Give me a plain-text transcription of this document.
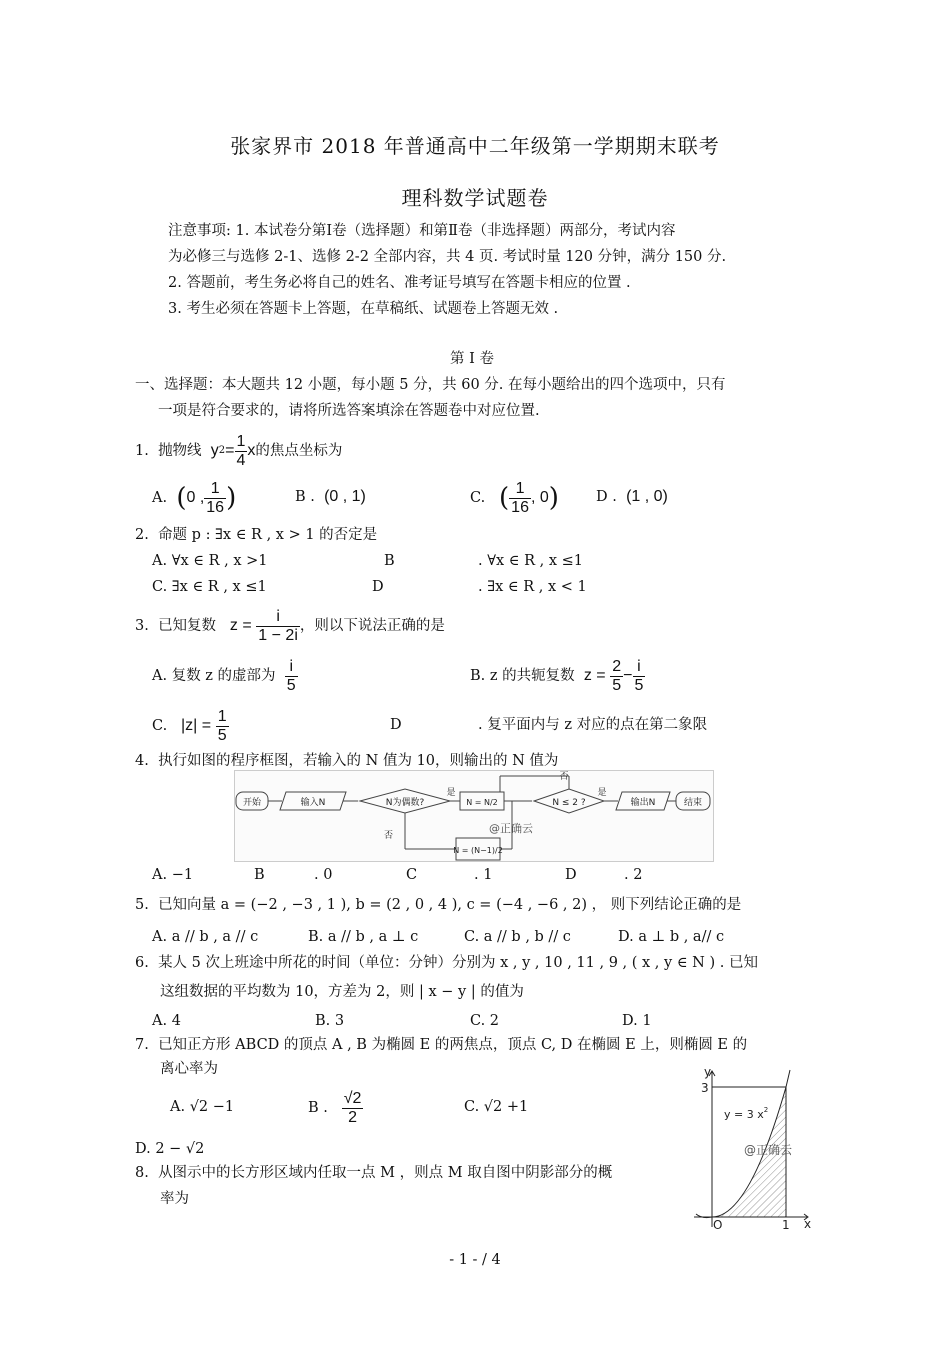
张家界市 2018 年普通高中二年级第一学期期末联考
理科数学试题卷
注意事项: 1. 本试卷分第Ⅰ卷（选择题）和第Ⅱ卷（非选择题）两部分，考试内容
为必修三与选修 2-1、选修 2-2 全部内容，共 4 页. 考试时量 120 分钟，满分 150 分.
2. 答题前，考生务必将自己的姓名、准考证号填写在答题卡相应的位置 .
3. 考生必须在答题卡上答题，在草稿纸、试题卷上答题无效 .
第 Ⅰ 卷
一、选择题：本大题共 12 小题，每小题 5 分，共 60 分. 在每小题给出的四个选项中，只有
一项是符合要求的，请将所选答案填涂在答题卷中对应位置.
1.
抛物线
y $2 = \frac{1}{4}$ x 的焦点坐标为
A.
( 0 , $\frac{1}{16}$ )	B . (0 , 1)	C.
( $\frac{1}{16}$ , 0 )	D . (1 , 0)
2. 命题 p : ∃x ∈ R , x > 1 的否定是
A. ∀x ∈ R , x >1	B	. ∀x ∈ R , x ≤1
C. ∃x ∈ R , x ≤1	D	. ∃x ∈ R , x < 1
3.
已知复数
z =
$\frac{i}{1 - 2i}$ ，则以下说法正确的是
A. 复数 z 的虚部为
$\frac{i}{5}$	B. z 的共轭复数
z =
$\frac{2}{5} - \frac{i}{5}$
C.
|z| =
$\frac{1}{5}$	D	. 复平面内与 z 对应的点在第二象限
4. 执行如图的程序框图，若输入的 N 值为 10，则输出的 N 值为
开始	输入N	N为偶数?
是
否
N = N/2
N = (N−1)/2
N ≤ 2 ?
是
否
输出N	结束
@正确云
A. −1	B	. 0	C	. 1	D	. 2
5. 已知向量 a = (−2 , −3 , 1 ), b = (2 , 0 , 4 ), c = (−4 , −6 , 2) ， 则下列结论正确的是
A. a // b , a // c	B. a // b , a ⊥ c	C. a // b , b // c	D. a ⊥ b , a// c
6. 某人 5 次上班途中所花的时间（单位：分钟）分别为 x , y , 10 , 11 , 9 , ( x , y ∈ N ) . 已知
这组数据的平均数为 10，方差为 2，则 | x − y | 的值为
A. 4	B. 3	C. 2	D. 1
7. 已知正方形 ABCD 的顶点 A , B 为椭圆 E 的两焦点，顶点 C, D 在椭圆 E 上，则椭圆 E 的
离心率为
A. √2 −1	B .
$\frac{√2}{2}$	C. √2 +1
D. 2 − √2
8. 从图示中的长方形区域内任取一点 M ，则点 M 取自图中阴影部分的概
率为
y
x
3
1
O
y = 3 $x^2$
@正确云
- 1 - / 4
